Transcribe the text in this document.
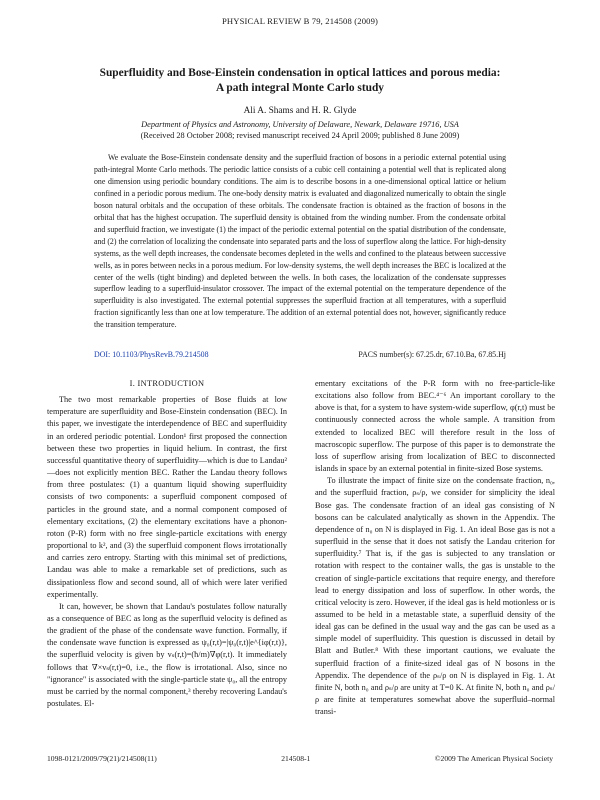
PHYSICAL REVIEW B 79, 214508 (2009)
Superfluidity and Bose-Einstein condensation in optical lattices and porous media:
A path integral Monte Carlo study
Ali A. Shams and H. R. Glyde
Department of Physics and Astronomy, University of Delaware, Newark, Delaware 19716, USA
(Received 28 October 2008; revised manuscript received 24 April 2009; published 8 June 2009)
We evaluate the Bose-Einstein condensate density and the superfluid fraction of bosons in a periodic external potential using path-integral Monte Carlo methods. The periodic lattice consists of a cubic cell containing a potential well that is replicated along one dimension using periodic boundary conditions. The aim is to describe bosons in a one-dimensional optical lattice or helium confined in a periodic porous medium. The one-body density matrix is evaluated and diagonalized numerically to obtain the single boson natural orbitals and the occupation of these orbitals. The condensate fraction is obtained as the fraction of bosons in the orbital that has the highest occupation. The superfluid density is obtained from the winding number. From the condensate orbital and superfluid fraction, we investigate (1) the impact of the periodic external potential on the spatial distribution of the condensate, and (2) the correlation of localizing the condensate into separated parts and the loss of superflow along the lattice. For high-density systems, as the well depth increases, the condensate becomes depleted in the wells and confined to the plateaus between successive wells, as in pores between necks in a porous medium. For low-density systems, the well depth increases the BEC is localized at the center of the wells (tight binding) and depleted between the wells. In both cases, the localization of the condensate suppresses superflow leading to a superfluid-insulator crossover. The impact of the external potential on the temperature dependence of the superfluidity is also investigated. The external potential suppresses the superfluid fraction at all temperatures, with a superfluid fraction significantly less than one at low temperature. The addition of an external potential does not, however, significantly reduce the transition temperature.
DOI: 10.1103/PhysRevB.79.214508	PACS number(s): 67.25.dr, 67.10.Ba, 67.85.Hj
I. INTRODUCTION

The two most remarkable properties of Bose fluids at low temperature are superfluidity and Bose-Einstein condensation (BEC). In this paper, we investigate the interdependence of BEC and superfluidity in an ordered periodic potential. London¹ first proposed the connection between these two properties in liquid helium. In contrast, the first successful quantitative theory of superfluidity—which is due to Landau²—does not explicitly mention BEC. Rather the Landau theory follows from three postulates: (1) a quantum liquid showing superfluidity consists of two components: a superfluid component composed of particles in the ground state, and a normal component composed of elementary excitations, (2) the elementary excitations have a phonon-roton (P-R) form with no free single-particle excitations with energy proportional to k², and (3) the superfluid component flows irrotationally and carries zero entropy. Starting with this minimal set of predictions, Landau was able to make a remarkable set of predictions, such as dissipationless flow and second sound, all of which were later verified experimentally.

It can, however, be shown that Landau's postulates follow naturally as a consequence of BEC as long as the superfluid velocity is defined as the gradient of the phase of the condensate wave function. Formally, if the condensate wave function is expressed as ψ₀(r,t)=|ψ₀(r,t)|e^{iφ(r,t)}, the superfluid velocity is given by vₛ(r,t)=(ħ/m)∇φ(r,t). It immediately follows that ∇×vₛ(r,t)=0, i.e., the flow is irrotational. Also, since no "ignorance" is associated with the single-particle state ψ₀, all the entropy must be carried by the normal component,³ thereby recovering Landau's postulates. El-

ementary excitations of the P-R form with no free-particle-like excitations also follow from BEC.⁴⁻⁶ An important corollary to the above is that, for a system to have system-wide superflow, φ(r,t) must be continuously connected across the whole sample. A transition from extended to localized BEC will therefore result in the loss of macroscopic superflow. The purpose of this paper is to demonstrate the loss of superflow arising from localization of BEC to disconnected islands in space by an external potential in finite-sized Bose systems.

To illustrate the impact of finite size on the condensate fraction, n₀, and the superfluid fraction, ρₛ/ρ, we consider for simplicity the ideal Bose gas. The condensate fraction of an ideal gas consisting of N bosons can be calculated analytically as shown in the Appendix. The dependence of n₀ on N is displayed in Fig. 1. An ideal Bose gas is not a superfluid in the sense that it does not satisfy the Landau criterion for superfluidity.⁷ That is, if the gas is subjected to any translation or rotation with respect to the container walls, the gas is unstable to the creation of single-particle excitations that require energy, and therefore lead to energy dissipation and loss of superflow. In other words, the critical velocity is zero. However, if the ideal gas is held motionless or is assumed to be held in a metastable state, a superfluid density of the ideal gas can be defined in the usual way and the gas can be used as a simple model of superfluidity. This question is discussed in detail by Blatt and Butler.⁸ With these important cautions, we evaluate the superfluid fraction of a finite-sized ideal gas of N bosons in the Appendix. The dependence of the ρₛ/ρ on N is displayed in Fig. 1. At finite N, both n₀ and ρₛ/ρ are unity at T=0 K. At finite N, both n₀ and ρₛ/ρ are finite at temperatures somewhat above the superfluid–normal transi-

1098-0121/2009/79(21)/214508(11)	214508-1	©2009 The American Physical Society
